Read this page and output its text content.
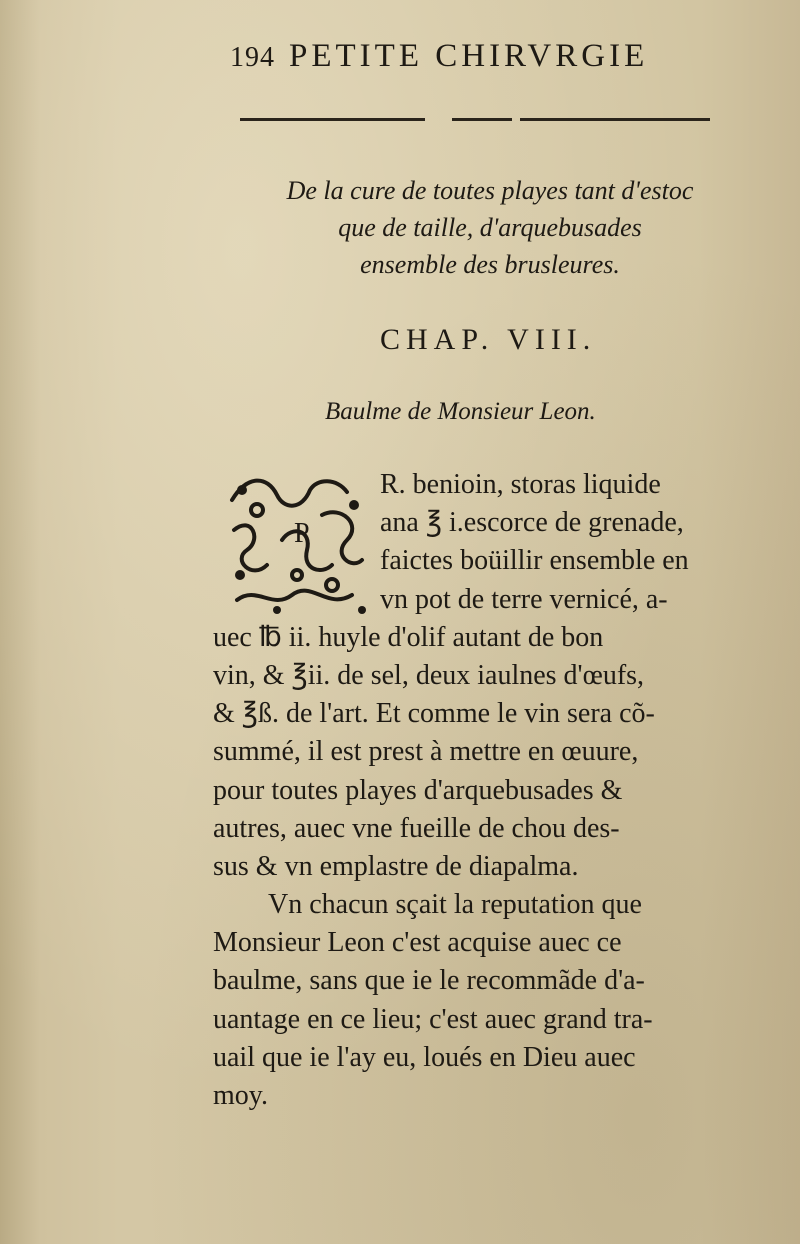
194 PETITE CHIRVRGIE
De la cure de toutes playes tant d'estoc
que de taille, d'arquebusades
ensemble des brusleures.
CHAP. VIII.
Baulme de Monsieur Leon.
P
R. benioin, storas liquide
ana ℥ i.escorce de grenade,
faictes boüillir ensemble en
vn pot de terre vernicé, a-
uec ℔ ii. huyle d'olif autant de bon
vin, & ℥ii. de sel, deux iaulnes d'œufs,
& ℥ß. de l'art. Et comme le vin sera cõ-
summé, il est prest à mettre en œuure,
pour toutes playes d'arquebusades &
autres, auec vne fueille de chou des-
sus & vn emplastre de diapalma.
Vn chacun sçait la reputation que
Monsieur Leon c'est acquise auec ce
baulme, sans que ie le recommãde d'a-
uantage en ce lieu; c'est auec grand tra-
uail que ie l'ay eu, loués en Dieu auec
moy.
